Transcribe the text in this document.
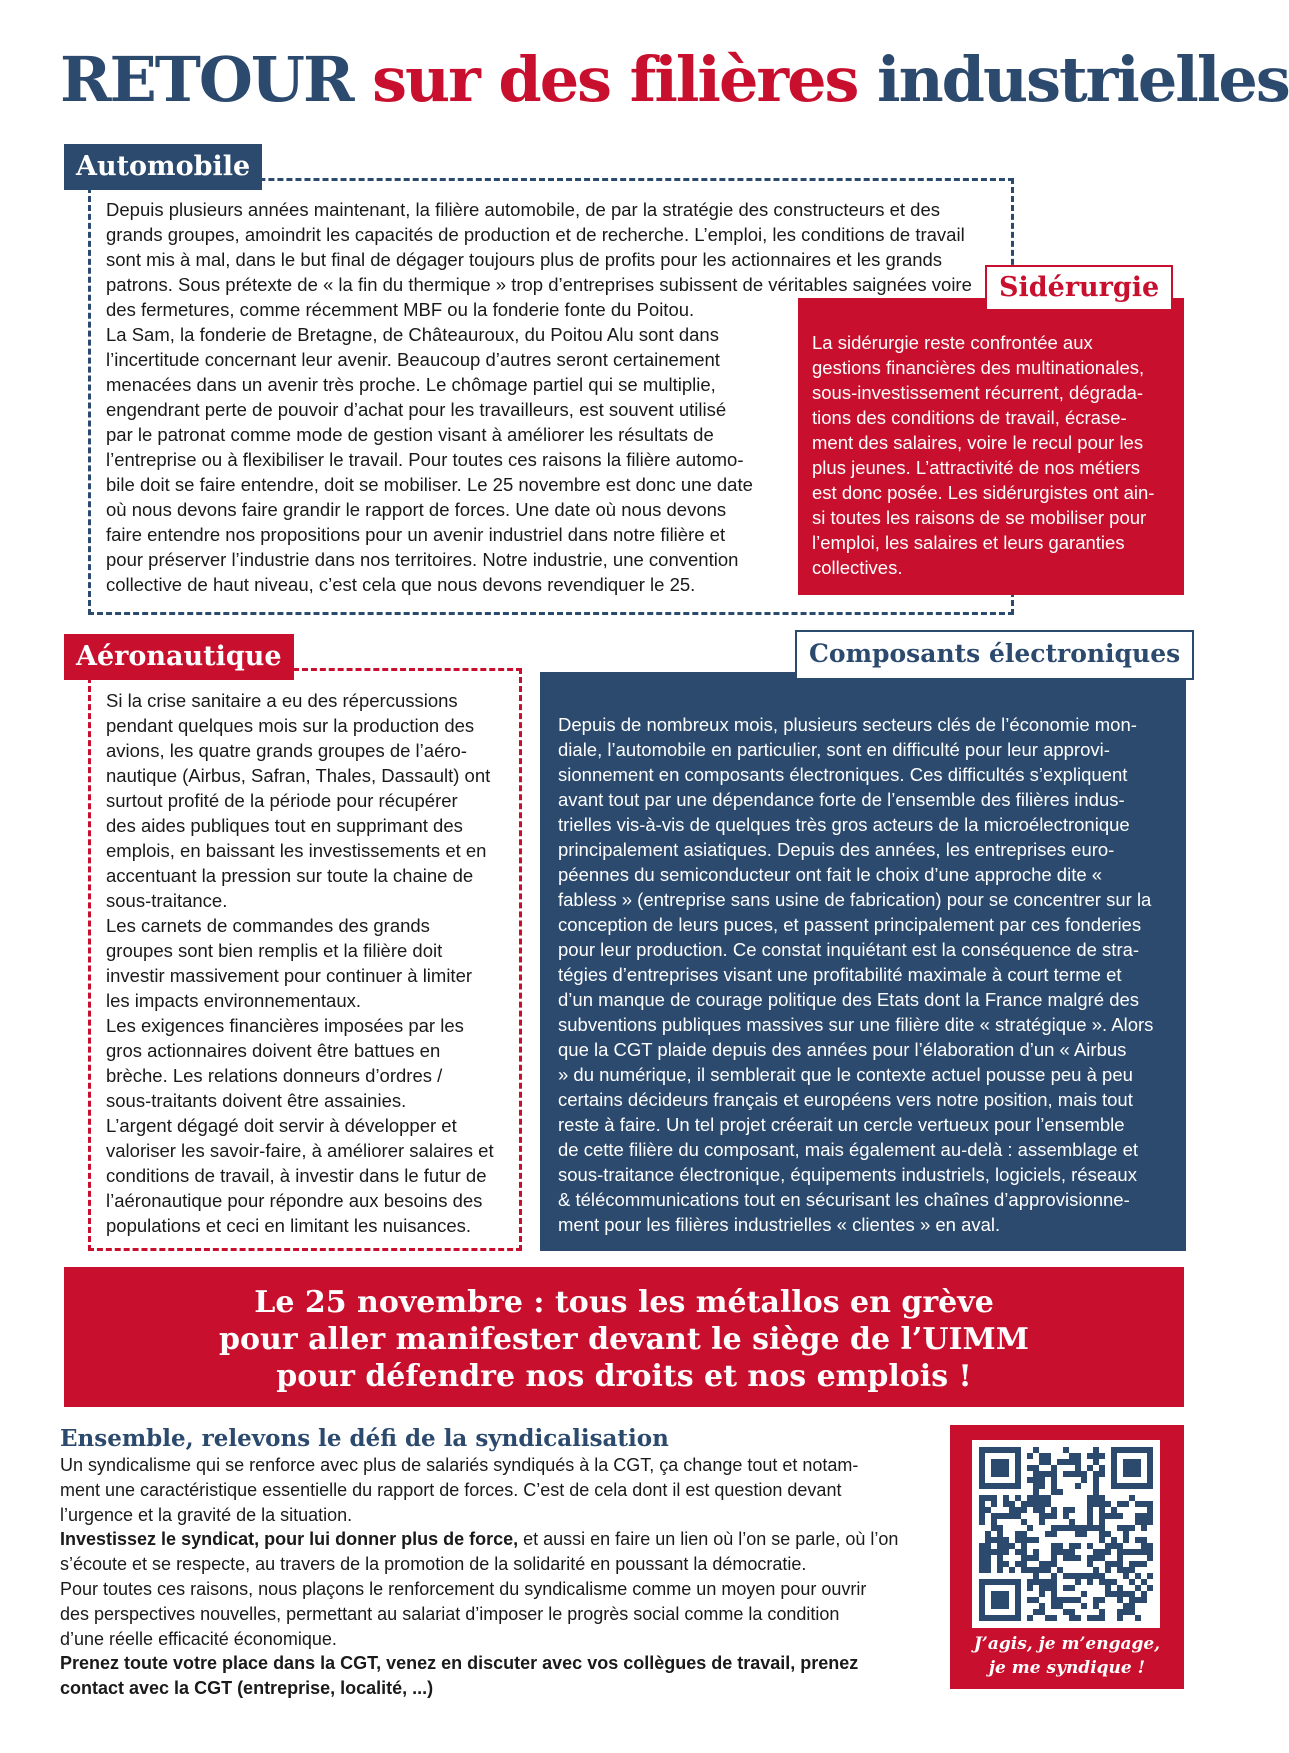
RETOUR sur des filières industrielles
Automobile

Depuis plusieurs années maintenant, la filière automobile, de par la stratégie des constructeurs et des

grands groupes, amoindrit les capacités de production et de recherche. L’emploi, les conditions de travail

sont mis à mal, dans le but final de dégager toujours plus de profits pour les actionnaires et les grands

patrons. Sous prétexte de « la fin du thermique » trop d’entreprises subissent de véritables saignées voire

des fermetures, comme récemment MBF ou la fonderie fonte du Poitou.

La Sam, la fonderie de Bretagne, de Châteauroux, du Poitou Alu sont dans

l’incertitude concernant leur avenir. Beaucoup d’autres seront certainement

menacées dans un avenir très proche. Le chômage partiel qui se multiplie,

engendrant perte de pouvoir d’achat pour les travailleurs, est souvent utilisé

par le patronat comme mode de gestion visant à améliorer les résultats de

l’entreprise ou à flexibiliser le travail. Pour toutes ces raisons la filière automo-

bile doit se faire entendre, doit se mobiliser. Le 25 novembre est donc une date

où nous devons faire grandir le rapport de forces. Une date où nous devons

faire entendre nos propositions pour un avenir industriel dans notre filière et

pour préserver l’industrie dans nos territoires. Notre industrie, une convention

collective de haut niveau, c’est cela que nous devons revendiquer le 25.

Sidérurgie
La sidérurgie reste confrontée aux
gestions financières des multinationales,
sous-investissement récurrent, dégrada-
tions des conditions de travail, écrase-
ment des salaires, voire le recul pour les
plus jeunes. L’attractivité de nos métiers
est donc posée. Les sidérurgistes ont ain-
si toutes les raisons de se mobiliser pour
l’emploi, les salaires et leurs garanties
collectives.
Aéronautique

Si la crise sanitaire a eu des répercussions

pendant quelques mois sur la production des

avions, les quatre grands groupes de l’aéro-

nautique (Airbus, Safran, Thales, Dassault) ont

surtout profité de la période pour récupérer

des aides publiques tout en supprimant des

emplois, en baissant les investissements et en

accentuant la pression sur toute la chaine de

sous-traitance.

Les carnets de commandes des grands

groupes sont bien remplis et la filière doit

investir massivement pour continuer à limiter

les impacts environnementaux.

Les exigences financières imposées par les

gros actionnaires doivent être battues en

brèche. Les relations donneurs d’ordres /

sous-traitants doivent être assainies.

L’argent dégagé doit servir à développer et

valoriser les savoir-faire, à améliorer salaires et

conditions de travail, à investir dans le futur de

l’aéronautique pour répondre aux besoins des

populations et ceci en limitant les nuisances.

Composants électroniques
Depuis de nombreux mois, plusieurs secteurs clés de l’économie mon-
diale, l’automobile en particulier, sont en difficulté pour leur approvi-
sionnement en composants électroniques. Ces difficultés s’expliquent
avant tout par une dépendance forte de l’ensemble des filières indus-
trielles vis-à-vis de quelques très gros acteurs de la microélectronique
principalement asiatiques. Depuis des années, les entreprises euro-
péennes du semiconducteur ont fait le choix d’une approche dite «
fabless » (entreprise sans usine de fabrication) pour se concentrer sur la
conception de leurs puces, et passent principalement par ces fonderies
pour leur production. Ce constat inquiétant est la conséquence de stra-
tégies d’entreprises visant une profitabilité maximale à court terme et
d’un manque de courage politique des Etats dont la France malgré des
subventions publiques massives sur une filière dite « stratégique ». Alors
que la CGT plaide depuis des années pour l’élaboration d’un « Airbus
» du numérique, il semblerait que le contexte actuel pousse peu à peu
certains décideurs français et européens vers notre position, mais tout
reste à faire. Un tel projet créerait un cercle vertueux pour l’ensemble
de cette filière du composant, mais également au-delà : assemblage et
sous-traitance électronique, équipements industriels, logiciels, réseaux
& télécommunications tout en sécurisant les chaînes d’approvisionne-
ment pour les filières industrielles « clientes » en aval.
Le 25 novembre : tous les métallos en grève
pour aller manifester devant le siège de l’UIMM
pour défendre nos droits et nos emplois !
Ensemble, relevons le défi de la syndicalisation
Un syndicalisme qui se renforce avec plus de salariés syndiqués à la CGT, ça change tout et notam-
ment une caractéristique essentielle du rapport de forces. C’est de cela dont il est question devant
l’urgence et la gravité de la situation.
Investissez le syndicat, pour lui donner plus de force, et aussi en faire un lien où l’on se parle, où l’on
s’écoute et se respecte, au travers de la promotion de la solidarité en poussant la démocratie.
Pour toutes ces raisons, nous plaçons le renforcement du syndicalisme comme un moyen pour ouvrir
des perspectives nouvelles, permettant au salariat d’imposer le progrès social comme la condition
d’une réelle efficacité économique.
Prenez toute votre place dans la CGT, venez en discuter avec vos collègues de travail, prenez
contact avec la CGT (entreprise, localité, ...)
J’agis, je m’engage,
je me syndique !
